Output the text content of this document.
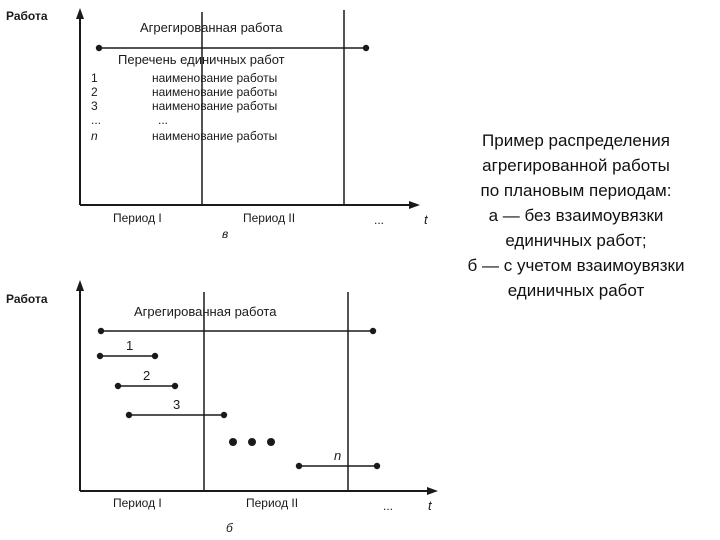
Работа
Агрегированная работа
Перечень единичных работ
1	наименование работы
2	наименование работы
3	наименование работы
...	...
n	наименование работы
Период I	Период II	...	t
в
Работа
Агрегированная работа
1
2
3
n
Период I	Период II	...	t
б
Пример распределения
агрегированной работы
по плановым периодам:
а — без взаимоувязки
единичных работ;
б — с учетом взаимоувязки
единичных работ
